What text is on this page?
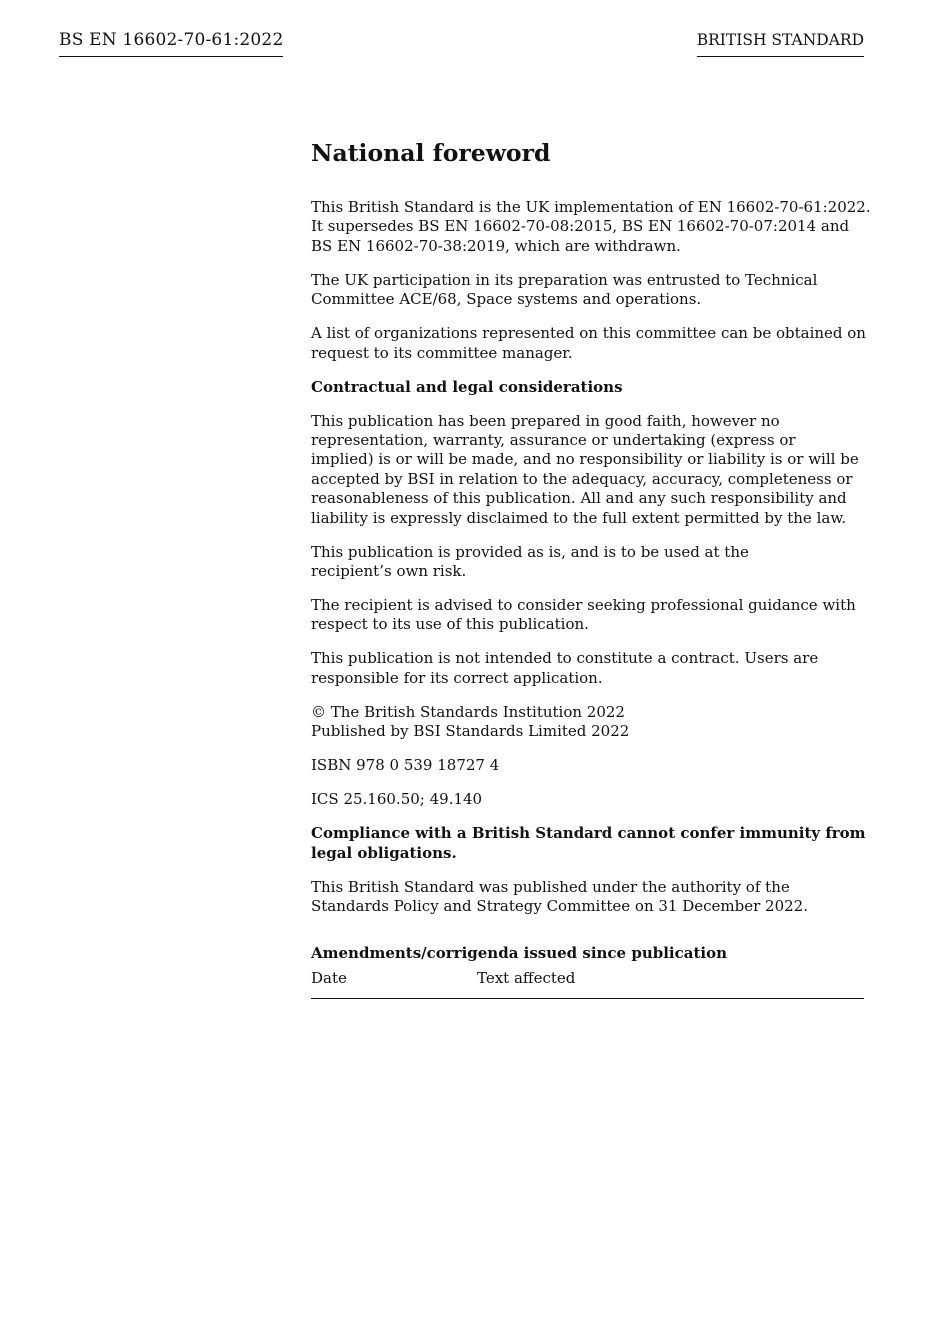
BS EN 16602-70-61:2022	BRITISH STANDARD
National foreword

This British Standard is the UK implementation of EN 16602-70-61:2022.
It supersedes BS EN 16602-70-08:2015, BS EN 16602-70-07:2014 and
BS EN 16602-70-38:2019, which are withdrawn.

The UK participation in its preparation was entrusted to Technical
Committee ACE/68, Space systems and operations.

A list of organizations represented on this committee can be obtained on
request to its committee manager.

Contractual and legal considerations

This publication has been prepared in good faith, however no
representation, warranty, assurance or undertaking (express or
implied) is or will be made, and no responsibility or liability is or will be
accepted by BSI in relation to the adequacy, accuracy, completeness or
reasonableness of this publication. All and any such responsibility and
liability is expressly disclaimed to the full extent permitted by the law.

This publication is provided as is, and is to be used at the
recipient’s own risk.

The recipient is advised to consider seeking professional guidance with
respect to its use of this publication.

This publication is not intended to constitute a contract. Users are
responsible for its correct application.

© The British Standards Institution 2022
Published by BSI Standards Limited 2022

ISBN 978 0 539 18727 4

ICS 25.160.50; 49.140

Compliance with a British Standard cannot confer immunity from
legal obligations.

This British Standard was published under the authority of the
Standards Policy and Strategy Committee on 31 December 2022.

Amendments/corrigenda issued since publication
Date	Text affected
